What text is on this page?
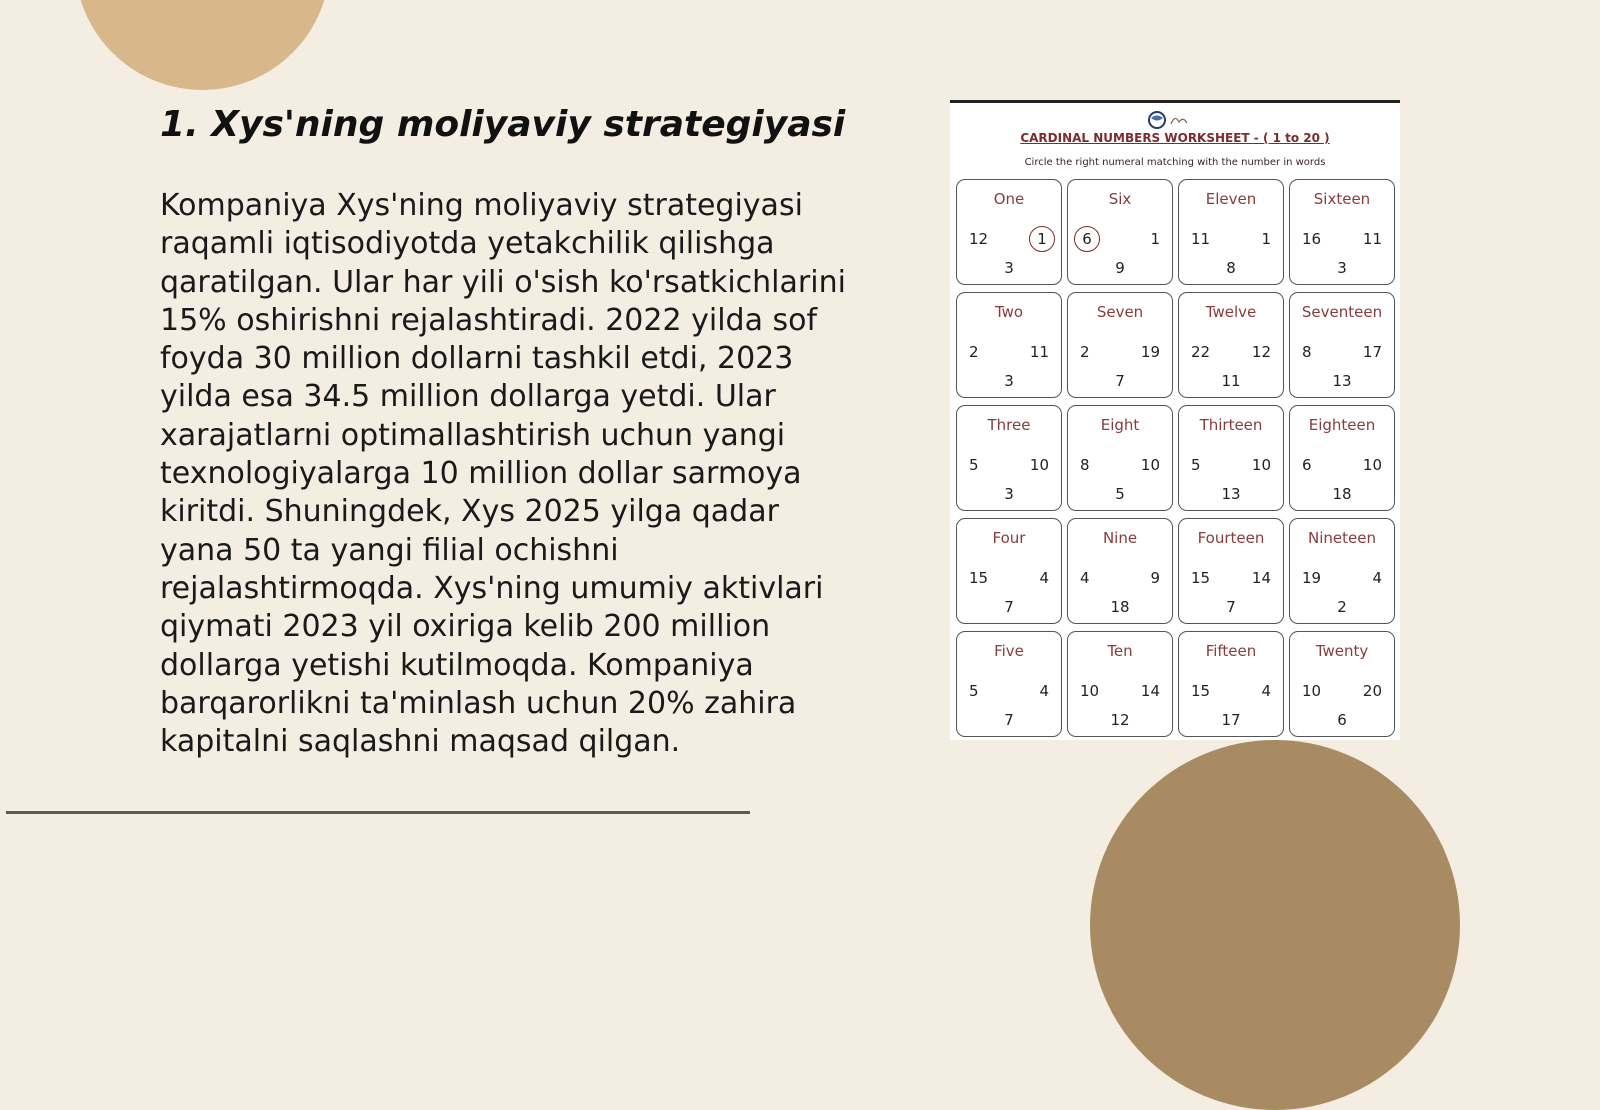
1. Xys'ning moliyaviy strategiyasi

Kompaniya Xys'ning moliyaviy strategiyasi raqamli iqtisodiyotda yetakchilik qilishga qaratilgan. Ular har yili o'sish ko'rsatkichlarini 15% oshirishni rejalashtiradi. 2022 yilda sof foyda 30 million dollarni tashkil etdi, 2023 yilda esa 34.5 million dollarga yetdi. Ular xarajatlarni optimallashtirish uchun yangi texnologiyalarga 10 million dollar sarmoya kiritdi. Shuningdek, Xys 2025 yilga qadar yana 50 ta yangi filial ochishni rejalashtirmoqda. Xys'ning umumiy aktivlari qiymati 2023 yil oxiriga kelib 200 million dollarga yetishi kutilmoqda. Kompaniya barqarorlikni ta'minlash uchun 20% zahira kapitalni saqlashni maqsad qilgan.

CARDINAL NUMBERS WORKSHEET - ( 1 to 20 )
Circle the right numeral matching with the number in words
One
12	1
3
Six
6	1
9
Eleven
11	1
8
Sixteen
16	11
3
Two
2	11
3
Seven
2	19
7
Twelve
22	12
11
Seventeen
8	17
13
Three
5	10
3
Eight
8	10
5
Thirteen
5	10
13
Eighteen
6	10
18
Four
15	4
7
Nine
4	9
18
Fourteen
15	14
7
Nineteen
19	4
2
Five
5	4
7
Ten
10	14
12
Fifteen
15	4
17
Twenty
10	20
6
